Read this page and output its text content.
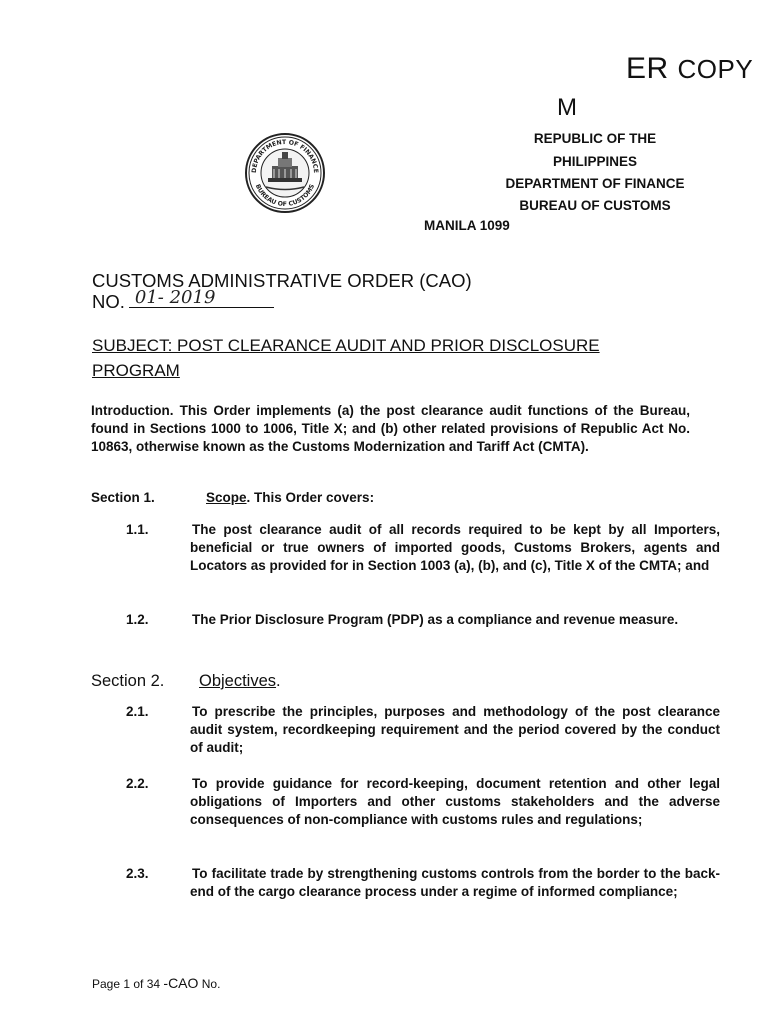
ER COPY
M
DEPARTMENT OF FINANCE
BUREAU OF CUSTOMS
REPUBLIC OF THE
PHILIPPINES
DEPARTMENT OF FINANCE
BUREAU OF CUSTOMS
MANILA 1099
CUSTOMS ADMINISTRATIVE ORDER (CAO)
NO. 01- 2019
SUBJECT: POST CLEARANCE AUDIT AND PRIOR DISCLOSURE PROGRAM
Introduction. This Order implements (a) the post clearance audit functions of the Bureau, found in Sections 1000 to 1006, Title X; and (b) other related provisions of Republic Act No. 10863, otherwise known as the Customs Modernization and Tariff Act (CMTA).
Section 1.	Scope. This Order covers:
1.1.	The post clearance audit of all records required to be kept by all Importers, beneficial or true owners of imported goods, Customs Brokers, agents and Locators as provided for in Section 1003 (a), (b), and (c), Title X of the CMTA; and
1.2.	The Prior Disclosure Program (PDP) as a compliance and revenue measure.
Section 2. Objectives.
2.1.	To prescribe the principles, purposes and methodology of the post clearance audit system, recordkeeping requirement and the period covered by the conduct of audit;
2.2.	To provide guidance for record-keeping, document retention and other legal obligations of Importers and other customs stakeholders and the adverse consequences of non-compliance with customs rules and regulations;
2.3.	To facilitate trade by strengthening customs controls from the border to the back-end of the cargo clearance process under a regime of informed compliance;
Page 1 of 34 -CAO No.
